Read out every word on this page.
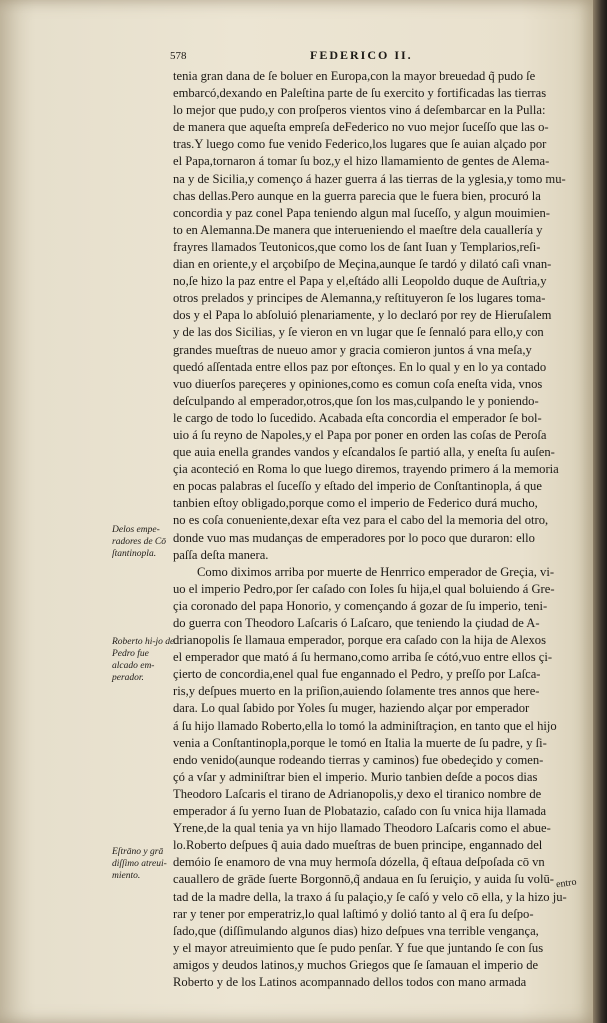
578	FEDERICO II.
tenia gran dana de ſe boluer en Europa,con la mayor breuedad q̃ pudo ſe
embarcó,dexando en Paleſtina parte de ſu exercito y fortificadas las tierras
lo mejor que pudo,y con proſperos vientos vino á deſembarcar en la Pulla:
de manera que aqueſta empreſa deFederico no vuo mejor ſuceſſo que las o-
tras.Y luego como fue venido Federico,los lugares que ſe auian alçado por
el Papa,tornaron á tomar ſu boz,y el hizo llamamiento de gentes de Alema-
na y de Sicilia,y començo á hazer guerra á las tierras de la yglesia,y tomo mu-
chas dellas.Pero aunque en la guerra parecia que le fuera bien, procuró la
concordia y paz conel Papa teniendo algun mal ſuceſſo, y algun mouimien-
to en Alemanna.De manera que interueniendo el maeſtre dela cauallería y
frayres llamados Teutonicos,que como los de ſant Iuan y Templarios,reſi-
dian en oriente,y el arçobiſpo de Meçina,aunque ſe tardó y dilató caſi vnan-
no,ſe hizo la paz entre el Papa y el,eſtádo alli Leopoldo duque de Auſtria,y
otros prelados y principes de Alemanna,y reſtituyeron ſe los lugares toma-
dos y el Papa lo abſoluió plenariamente, y lo declaró por rey de Hieruſalem
y de las dos Sicilias, y ſe vieron en vn lugar que ſe ſennaló para ello,y con
grandes mueſtras de nueuo amor y gracia comieron juntos á vna meſa,y
quedó aſſentada entre ellos paz por eſtonçes. En lo qual y en lo ya contado
vuo diuerſos pareçeres y opiniones,como es comun coſa eneſta vida, vnos
deſculpando al emperador,otros,que ſon los mas,culpando le y poniendo-
le cargo de todo lo ſucedido. Acabada eſta concordia el emperador ſe bol-
uio á ſu reyno de Napoles,y el Papa por poner en orden las coſas de Peroſa
que auia enella grandes vandos y eſcandalos ſe partió alla, y eneſta ſu auſen-
çia aconteció en Roma lo que luego diremos, trayendo primero á la memoria
en pocas palabras el ſuceſſo y eſtado del imperio de Conſtantinopla, á que
tanbien eſtoy obligado,porque como el imperio de Federico durá mucho,
no es coſa conueniente,dexar eſta vez para el cabo del la memoria del otro,
donde vuo mas mudanças de emperadores por lo poco que duraron: ello
paſſa deſta manera.
Como diximos arriba por muerte de Henrrico emperador de Greçia, vi-
uo el imperio Pedro,por ſer caſado con Ioles ſu hija,el qual boluiendo á Gre-
çia coronado del papa Honorio, y començando á gozar de ſu imperio, teni-
do guerra con Theodoro Laſcaris ó Laſcaro, que teniendo la çiudad de A-
drianopolis ſe llamaua emperador, porque era caſado con la hija de Alexos
el emperador que mató á ſu hermano,como arriba ſe cótó,vuo entre ellos çi-
çierto de concordia,enel qual fue engannado el Pedro, y preſſo por Laſca-
ris,y deſpues muerto en la priſion,auiendo ſolamente tres annos que here-
dara. Lo qual ſabido por Yoles ſu muger, haziendo alçar por emperador
á ſu hijo llamado Roberto,ella lo tomó la adminiſtraçion, en tanto que el hijo
venia a Conſtantinopla,porque le tomó en Italia la muerte de ſu padre, y ſi-
endo venido(aunque rodeando tierras y caminos) fue obedeçido y comen-
çó a vſar y adminiſtrar bien el imperio. Murio tanbien deſde a pocos dias
Theodoro Laſcaris el tirano de Adrianopolis,y dexo el tiranico nombre de
emperador á ſu yerno Iuan de Plobatazio, caſado con ſu vnica hija llamada
Yrene,de la qual tenia ya vn hijo llamado Theodoro Laſcaris como el abue-
lo.Roberto deſpues q̃ auia dado mueſtras de buen principe, engannado del
demóio ſe enamoro de vna muy hermoſa dózella, q̃ eſtaua deſpoſada cō vn
cauallero de grāde ſuerte Borgonnō,q̃ andaua en ſu ſeruiçio, y auida ſu volū-
tad de la madre della, la traxo á ſu palaçio,y ſe caſó y velo cō ella, y la hizo ju-
rar y tener por emperatriz,lo qual laſtimó y dolió tanto al q̃ era ſu deſpo-
ſado,que (diſſimulando algunos dias) hizo deſpues vna terrible vengança,
y el mayor atreuimiento que ſe pudo penſar. Y fue que juntando ſe con ſus
amigos y deudos latinos,y muchos Griegos que ſe ſamauan el imperio de
Roberto y de los Latinos acompannado dellos todos con mano armada
Delos empe-radores de Cō ſtantinopla.
Roberto hi-jo de Pedro fue alcado em-perador.
Eſtrāno y grā diſſimo atreui-miento.
entro
